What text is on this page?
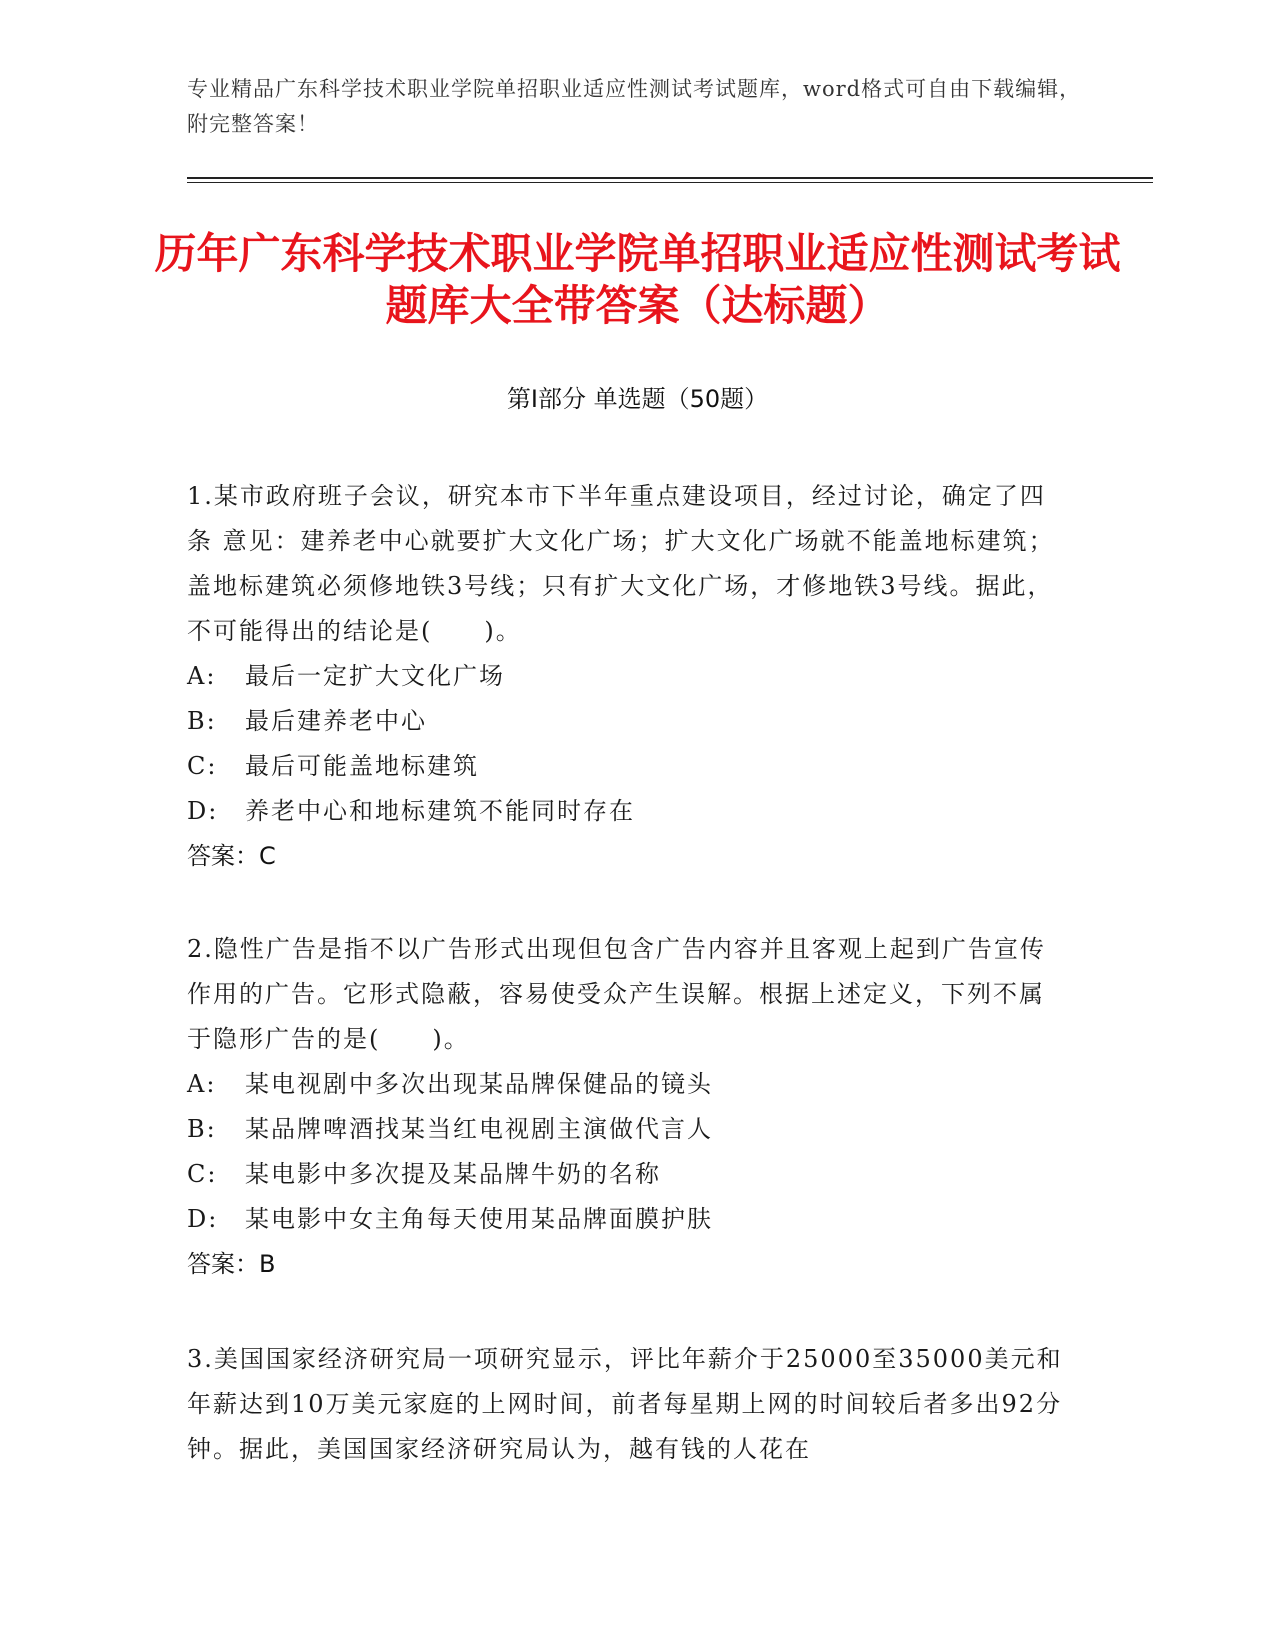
专业精品广东科学技术职业学院单招职业适应性测试考试题库，word格式可自由下载编辑，附完整答案！
历年广东科学技术职业学院单招职业适应性测试考试题库大全带答案（达标题）
第Ⅰ部分 单选题（50题）

1.某市政府班子会议，研究本市下半年重点建设项目，经过讨论，确定了四条 意见：建养老中心就要扩大文化广场；扩大文化广场就不能盖地标建筑；盖地标建筑必须修地铁3号线；只有扩大文化广场，才修地铁3号线。据此，不可能得出的结论是(　　)。

A: 最后一定扩大文化广场
B: 最后建养老中心
C: 最后可能盖地标建筑
D: 养老中心和地标建筑不能同时存在
答案：C

2.隐性广告是指不以广告形式出现但包含广告内容并且客观上起到广告宣传作用的广告。它形式隐蔽，容易使受众产生误解。根据上述定义，下列不属于隐形广告的是(　　)。

A: 某电视剧中多次出现某品牌保健品的镜头
B: 某品牌啤酒找某当红电视剧主演做代言人
C: 某电影中多次提及某品牌牛奶的名称
D: 某电影中女主角每天使用某品牌面膜护肤
答案：B

3.美国国家经济研究局一项研究显示，评比年薪介于25000至35000美元和年薪达到10万美元家庭的上网时间，前者每星期上网的时间较后者多出92分钟。据此，美国国家经济研究局认为，越有钱的人花在
